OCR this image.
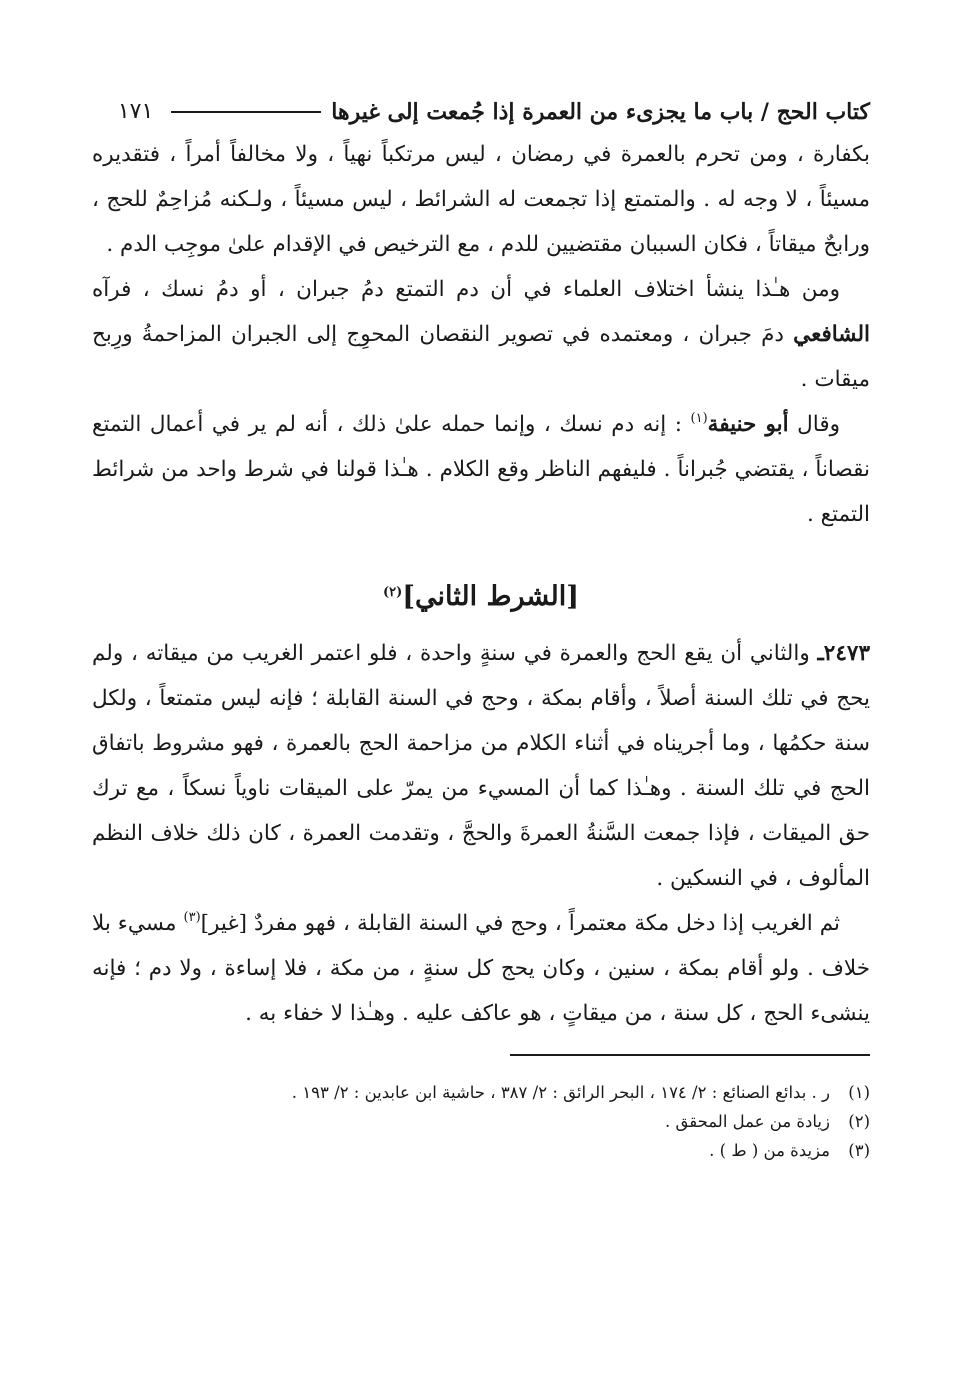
كتاب الحج / باب ما يجزىء من العمرة إذا جُمعت إلى غيرها
١٧١

بكفارة ، ومن تحرم بالعمرة في رمضان ، ليس مرتكباً نهياً ، ولا مخالفاً أمراً ، فتقديره مسيئاً ، لا وجه له . والمتمتع إذا تجمعت له الشرائط ، ليس مسيئاً ، ولـكنه مُزاحِمٌ للحج ، ورابحٌ ميقاتاً ، فكان السببان مقتضيين للدم ، مع الترخيص في الإقدام علىٰ موجِب الدم .

ومن هـٰذا ينشأ اختلاف العلماء في أن دم التمتع دمُ جبران ، أو دمُ نسك ، فرآه الشافعي دمَ جبران ، ومعتمده في تصوير النقصان المحوِج إلى الجبران المزاحمةُ ورِبح ميقات .

وقال أبو حنيفة$^{(١)}$ : إنه دم نسك ، وإنما حمله علىٰ ذلك ، أنه لم ير في أعمال التمتع نقصاناً ، يقتضي جُبراناً . فليفهم الناظر وقع الكلام . هـٰذا قولنا في شرط واحد من شرائط التمتع .

[الشرط الثاني]$^{(٢)}$

٢٤٧٣ـ والثاني أن يقع الحج والعمرة في سنةٍ واحدة ، فلو اعتمر الغريب من ميقاته ، ولم يحج في تلك السنة أصلاً ، وأقام بمكة ، وحج في السنة القابلة ؛ فإنه ليس متمتعاً ، ولكل سنة حكمُها ، وما أجريناه في أثناء الكلام من مزاحمة الحج بالعمرة ، فهو مشروط باتفاق الحج في تلك السنة . وهـٰذا كما أن المسيء من يمرّ على الميقات ناوياً نسكاً ، مع ترك حق الميقات ، فإذا جمعت السَّنةُ العمرةَ والحجَّ ، وتقدمت العمرة ، كان ذلك خلاف النظم المألوف ، في النسكين .

ثم الغريب إذا دخل مكة معتمراً ، وحج في السنة القابلة ، فهو مفردٌ [غير]$^{(٣)}$ مسيء بلا خلاف . ولو أقام بمكة ، سنين ، وكان يحج كل سنةٍ ، من مكة ، فلا إساءة ، ولا دم ؛ فإنه ينشىء الحج ، كل سنة ، من ميقاتٍ ، هو عاكف عليه . وهـٰذا لا خفاء به .

(١)
ر . بدائع الصنائع : ٢/ ١٧٤ ، البحر الرائق : ٢/ ٣٨٧ ، حاشية ابن عابدين : ٢/ ١٩٣ .
(٢)
زيادة من عمل المحقق .
(٣)
مزيدة من ( ط ) .
